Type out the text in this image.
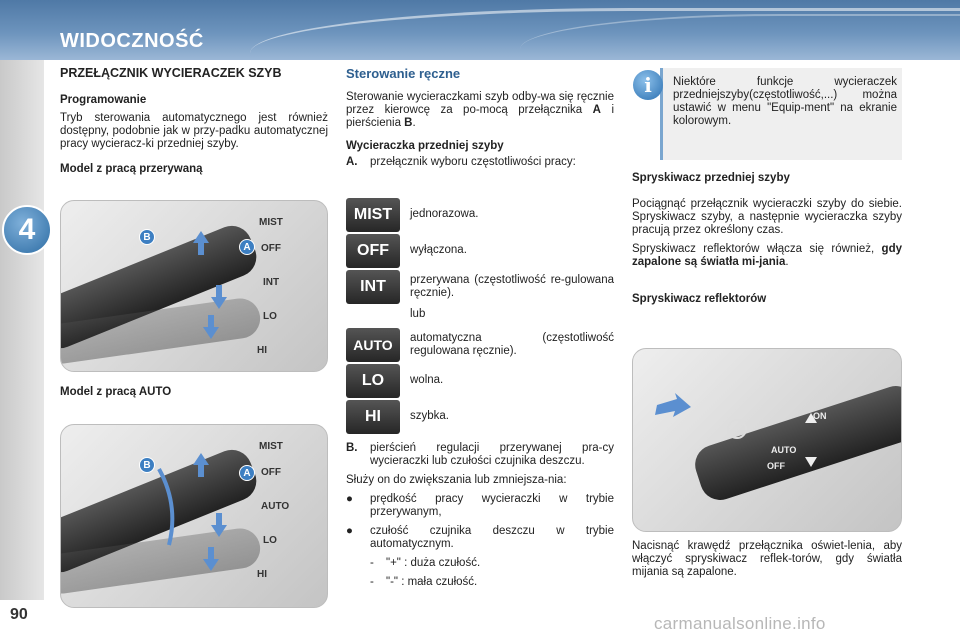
WIDOCZNOŚĆ
4
90
PRZEŁĄCZNIK WYCIERACZEK SZYB
Programowanie

Tryb sterowania automatycznego jest również dostępny, podobnie jak w przy-padku automatycznej pracy wycieracz-ki przedniej szyby.

Model z pracą przerywaną
B
A
MIST
OFF
INT
LO
HI
Model z pracą AUTO
B
A
MIST
OFF
AUTO
LO
HI
Sterowanie ręczne

Sterowanie wycieraczkami szyb odby-wa się ręcznie przez kierowcę za po-mocą przełącznika A i pierścienia B.

Wycieraczka przedniej szyby
A. przełącznik wyboru częstotliwości pracy:
MIST	jednorazowa.
OFF	wyłączona.
INT	przerywana (częstotliwość re-gulowana ręcznie).
lub
AUTO	automatyczna (częstotliwość regulowana ręcznie).
LO	wolna.
HI	szybka.
B. pierścień regulacji przerywanej pra-cy wycieraczki lub czułości czujnika deszczu.

Służy on do zwiększania lub zmniejsza-nia:

● prędkość pracy wycieraczki w trybie przerywanym,
● czułość czujnika deszczu w trybie automatycznym.
- "+" : duża czułość.
- "-" : mała czułość.
Niektóre funkcje wycieraczek przedniejszyby(częstotliwość,...) można ustawić w menu "Equip-ment" na ekranie kolorowym.
i
Spryskiwacz przedniej szyby

Pociągnąć przełącznik wycieraczki szyby do siebie. Spryskiwacz szyby, a następnie wycieraczka szyby pracują przez określony czas.

Spryskiwacz reflektorów włącza się również, gdy zapalone są światła mi-jania.

Spryskiwacz reflektorów
ON
AUTO
OFF

Nacisnąć krawędź przełącznika oświet-lenia, aby włączyć spryskiwacz reflek-torów, gdy światła mijania są zapalone.

carmanualsonline.info
